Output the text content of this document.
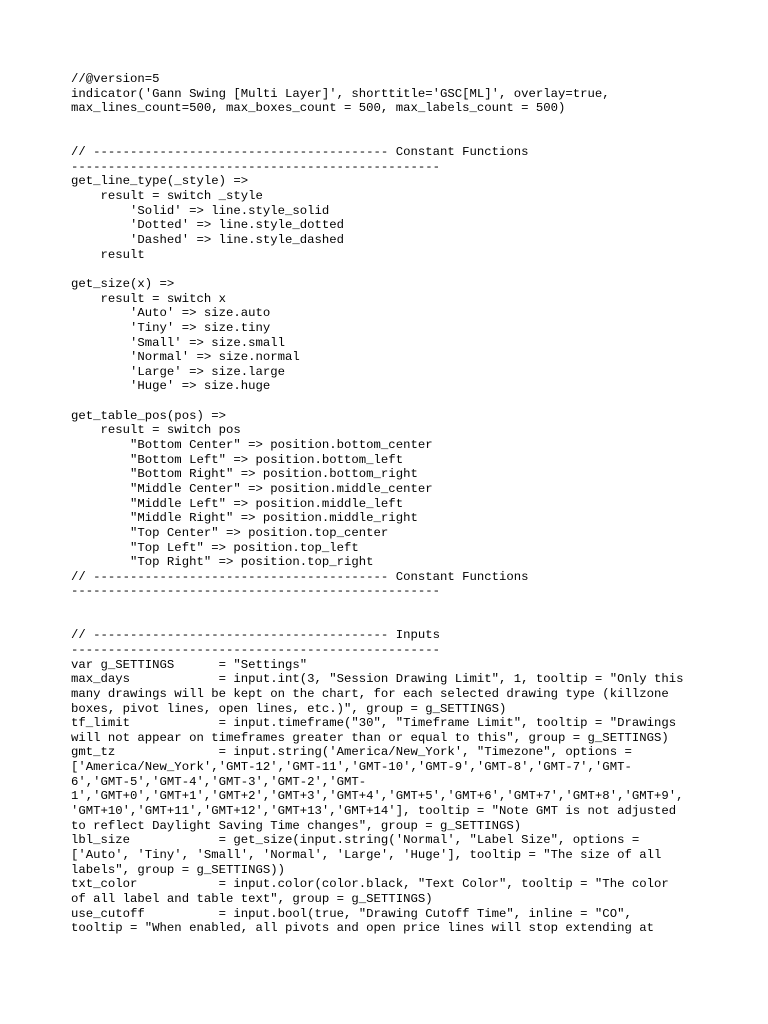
//@version=5
indicator('Gann Swing [Multi Layer]', shorttitle='GSC[ML]', overlay=true,
max_lines_count=500, max_boxes_count = 500, max_labels_count = 500)
// ---------------------------------------- Constant Functions
--------------------------------------------------
get_line_type(_style) =>
result = switch _style
'Solid' => line.style_solid
'Dotted' => line.style_dotted
'Dashed' => line.style_dashed
result
get_size(x) =>
result = switch x
'Auto' => size.auto
'Tiny' => size.tiny
'Small' => size.small
'Normal' => size.normal
'Large' => size.large
'Huge' => size.huge
get_table_pos(pos) =>
result = switch pos
"Bottom Center" => position.bottom_center
"Bottom Left" => position.bottom_left
"Bottom Right" => position.bottom_right
"Middle Center" => position.middle_center
"Middle Left" => position.middle_left
"Middle Right" => position.middle_right
"Top Center" => position.top_center
"Top Left" => position.top_left
"Top Right" => position.top_right
// ---------------------------------------- Constant Functions
--------------------------------------------------
// ---------------------------------------- Inputs
--------------------------------------------------
var g_SETTINGS      = "Settings"
max_days            = input.int(3, "Session Drawing Limit", 1, tooltip = "Only this
many drawings will be kept on the chart, for each selected drawing type (killzone
boxes, pivot lines, open lines, etc.)", group = g_SETTINGS)
tf_limit            = input.timeframe("30", "Timeframe Limit", tooltip = "Drawings
will not appear on timeframes greater than or equal to this", group = g_SETTINGS)
gmt_tz              = input.string('America/New_York', "Timezone", options =
['America/New_York','GMT-12','GMT-11','GMT-10','GMT-9','GMT-8','GMT-7','GMT-
6','GMT-5','GMT-4','GMT-3','GMT-2','GMT-
1','GMT+0','GMT+1','GMT+2','GMT+3','GMT+4','GMT+5','GMT+6','GMT+7','GMT+8','GMT+9',
'GMT+10','GMT+11','GMT+12','GMT+13','GMT+14'], tooltip = "Note GMT is not adjusted
to reflect Daylight Saving Time changes", group = g_SETTINGS)
lbl_size            = get_size(input.string('Normal', "Label Size", options =
['Auto', 'Tiny', 'Small', 'Normal', 'Large', 'Huge'], tooltip = "The size of all
labels", group = g_SETTINGS))
txt_color           = input.color(color.black, "Text Color", tooltip = "The color
of all label and table text", group = g_SETTINGS)
use_cutoff          = input.bool(true, "Drawing Cutoff Time", inline = "CO",
tooltip = "When enabled, all pivots and open price lines will stop extending at
